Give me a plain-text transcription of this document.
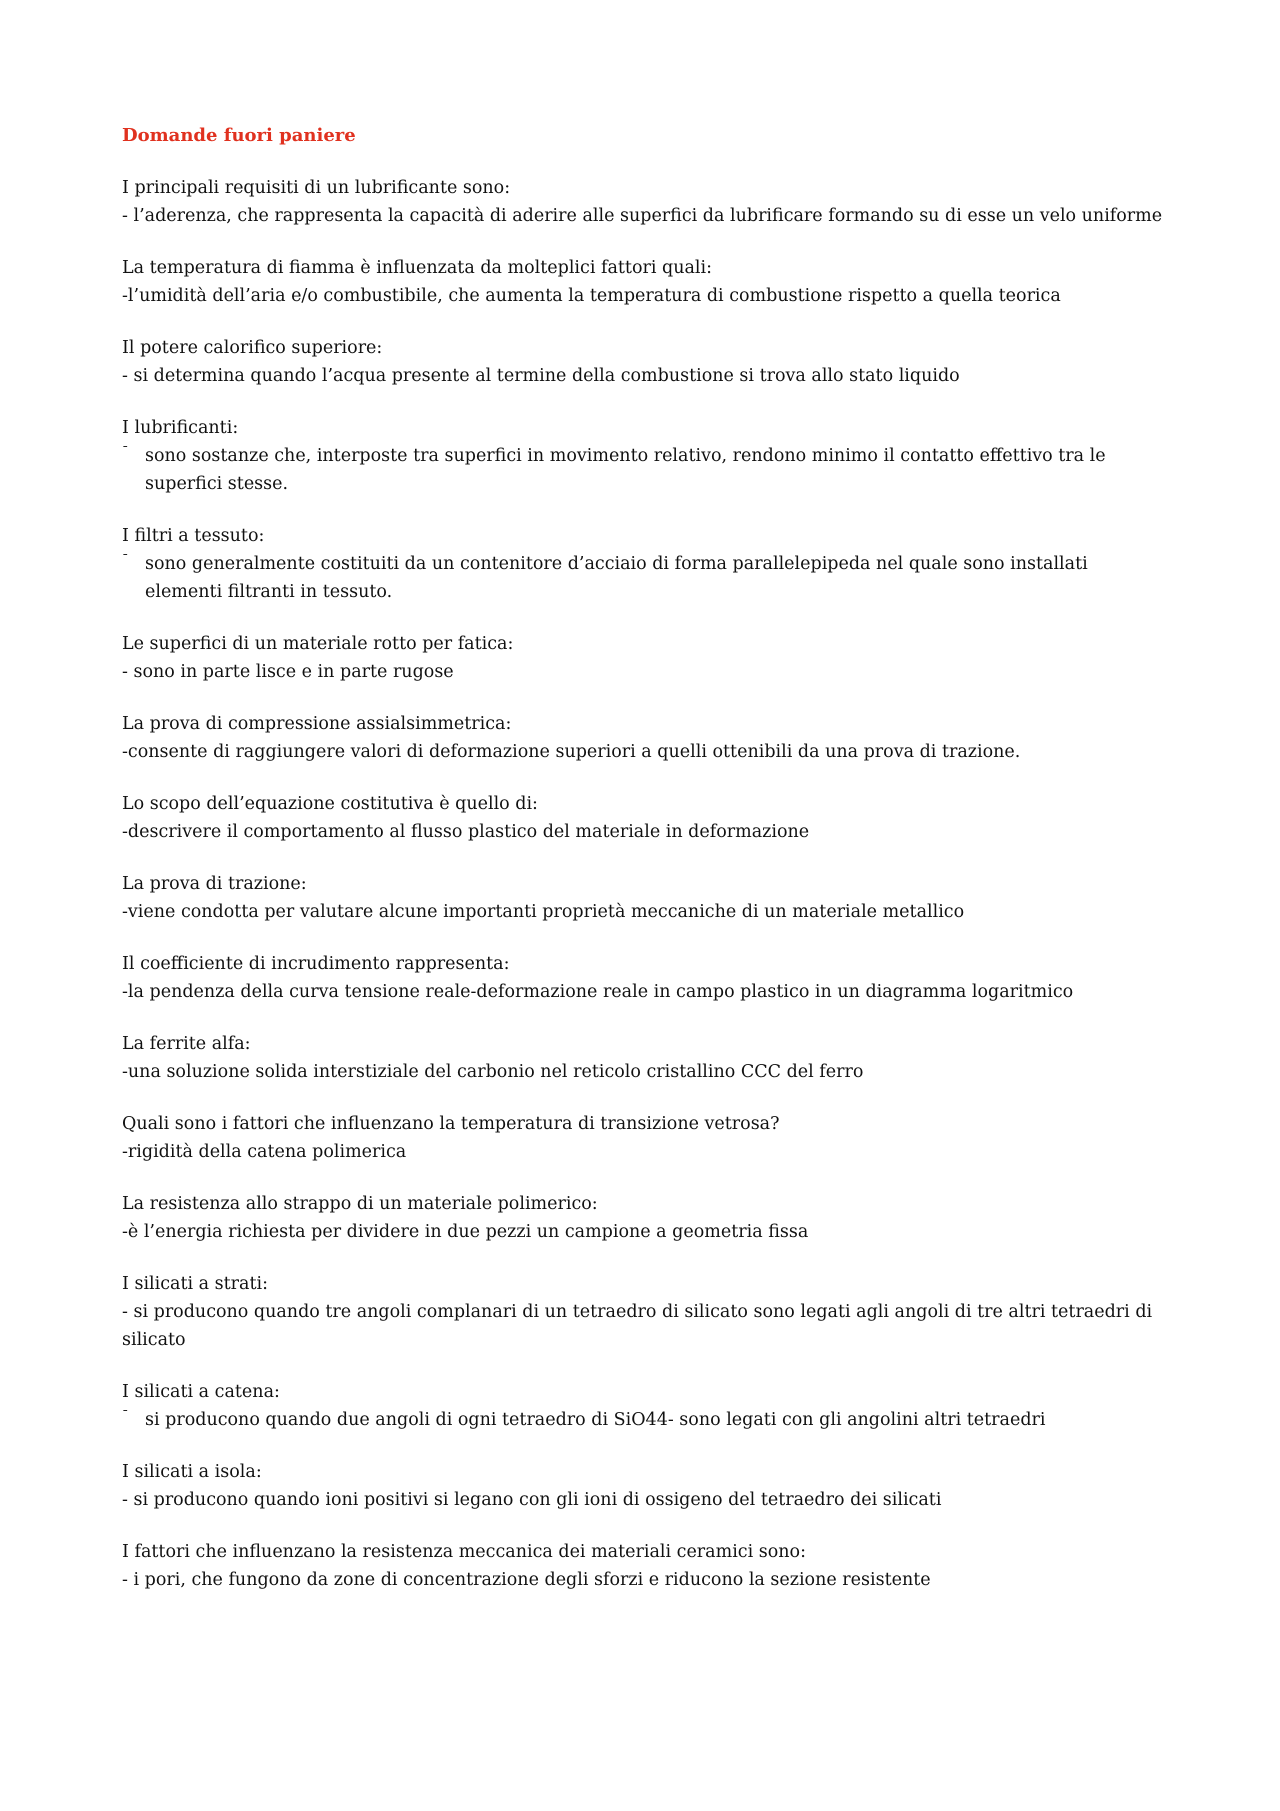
Domande fuori paniere
I principali requisiti di un lubrificante sono:
- l’aderenza, che rappresenta la capacità di aderire alle superfici da lubrificare formando su di esse un velo uniforme
La temperatura di fiamma è influenzata da molteplici fattori quali:
-l’umidità dell’aria e/o combustibile, che aumenta la temperatura di combustione rispetto a quella teorica
Il potere calorifico superiore:
- si determina quando l’acqua presente al termine della combustione si trova allo stato liquido
I lubrificanti:
¯ sono sostanze che, interposte tra superfici in movimento relativo, rendono minimo il contatto effettivo tra le superfici stesse.
I filtri a tessuto:
¯ sono generalmente costituiti da un contenitore d’acciaio di forma parallelepipeda nel quale sono installati elementi filtranti in tessuto.
Le superfici di un materiale rotto per fatica:
- sono in parte lisce e in parte rugose
La prova di compressione assialsimmetrica:
-consente di raggiungere valori di deformazione superiori a quelli ottenibili da una prova di trazione.
Lo scopo dell’equazione costitutiva è quello di:
-descrivere il comportamento al flusso plastico del materiale in deformazione
La prova di trazione:
-viene condotta per valutare alcune importanti proprietà meccaniche di un materiale metallico
Il coefficiente di incrudimento rappresenta:
-la pendenza della curva tensione reale-deformazione reale in campo plastico in un diagramma logaritmico
La ferrite alfa:
-una soluzione solida interstiziale del carbonio nel reticolo cristallino CCC del ferro
Quali sono i fattori che influenzano la temperatura di transizione vetrosa?
-rigidità della catena polimerica
La resistenza allo strappo di un materiale polimerico:
-è l’energia richiesta per dividere in due pezzi un campione a geometria fissa
I silicati a strati:
- si producono quando tre angoli complanari di un tetraedro di silicato sono legati agli angoli di tre altri tetraedri di silicato
I silicati a catena:
¯ si producono quando due angoli di ogni tetraedro di SiO44- sono legati con gli angolini altri tetraedri
I silicati a isola:
- si producono quando ioni positivi si legano con gli ioni di ossigeno del tetraedro dei silicati
I fattori che influenzano la resistenza meccanica dei materiali ceramici sono:
- i pori, che fungono da zone di concentrazione degli sforzi e riducono la sezione resistente
